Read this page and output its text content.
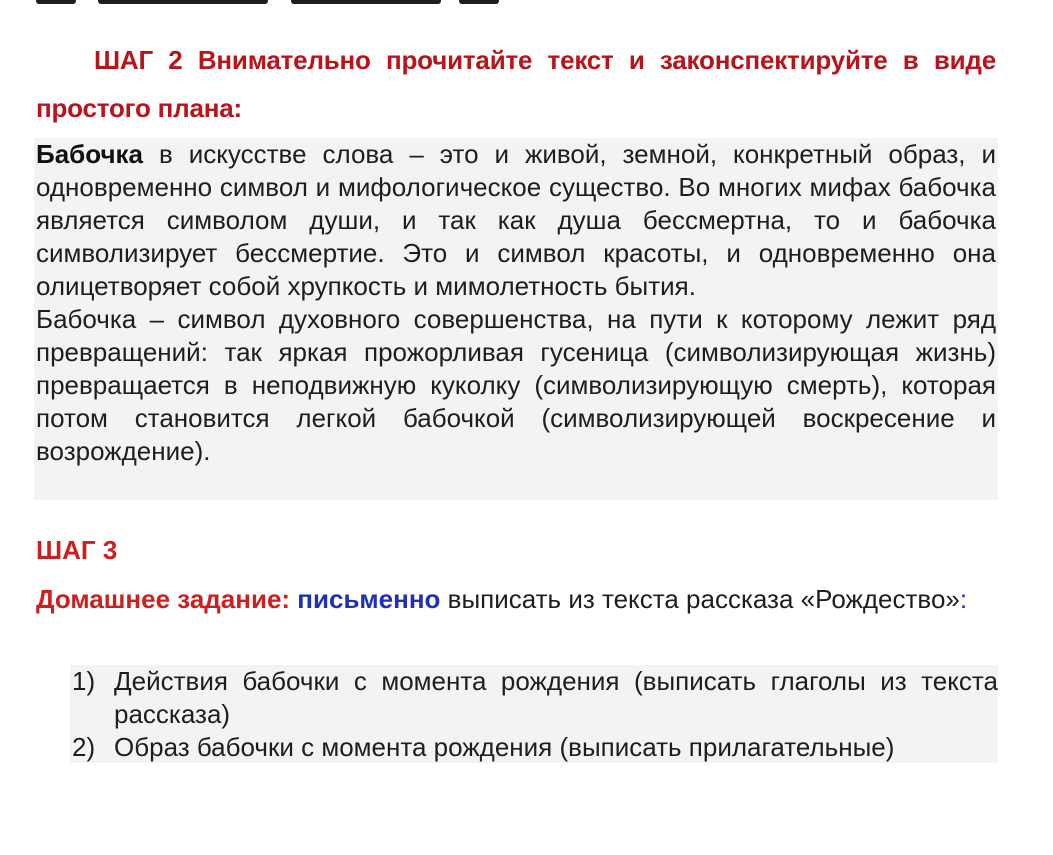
ШАГ 2 Внимательно прочитайте текст и законспектируйте в виде простого плана:

Бабочка в искусстве слова – это и живой, земной, конкретный образ, и одновременно символ и мифологическое существо. Во многих мифах бабочка является символом души, и так как душа бессмертна, то и бабочка символизирует бессмертие. Это и символ красоты, и одновременно она олицетворяет собой хрупкость и мимолетность бытия.

Бабочка – символ духовного совершенства, на пути к которому лежит ряд превращений: так яркая прожорливая гусеница (символизирующая жизнь) превращается в неподвижную куколку (символизирующую смерть), которая потом становится легкой бабочкой (символизирующей воскресение и возрождение).

ШАГ 3
Домашнее задание: письменно выписать из текста рассказа «Рождество»:
1) Действия бабочки с момента рождения (выписать глаголы из текста рассказа)
2) Образ бабочки с момента рождения (выписать прилагательные)
